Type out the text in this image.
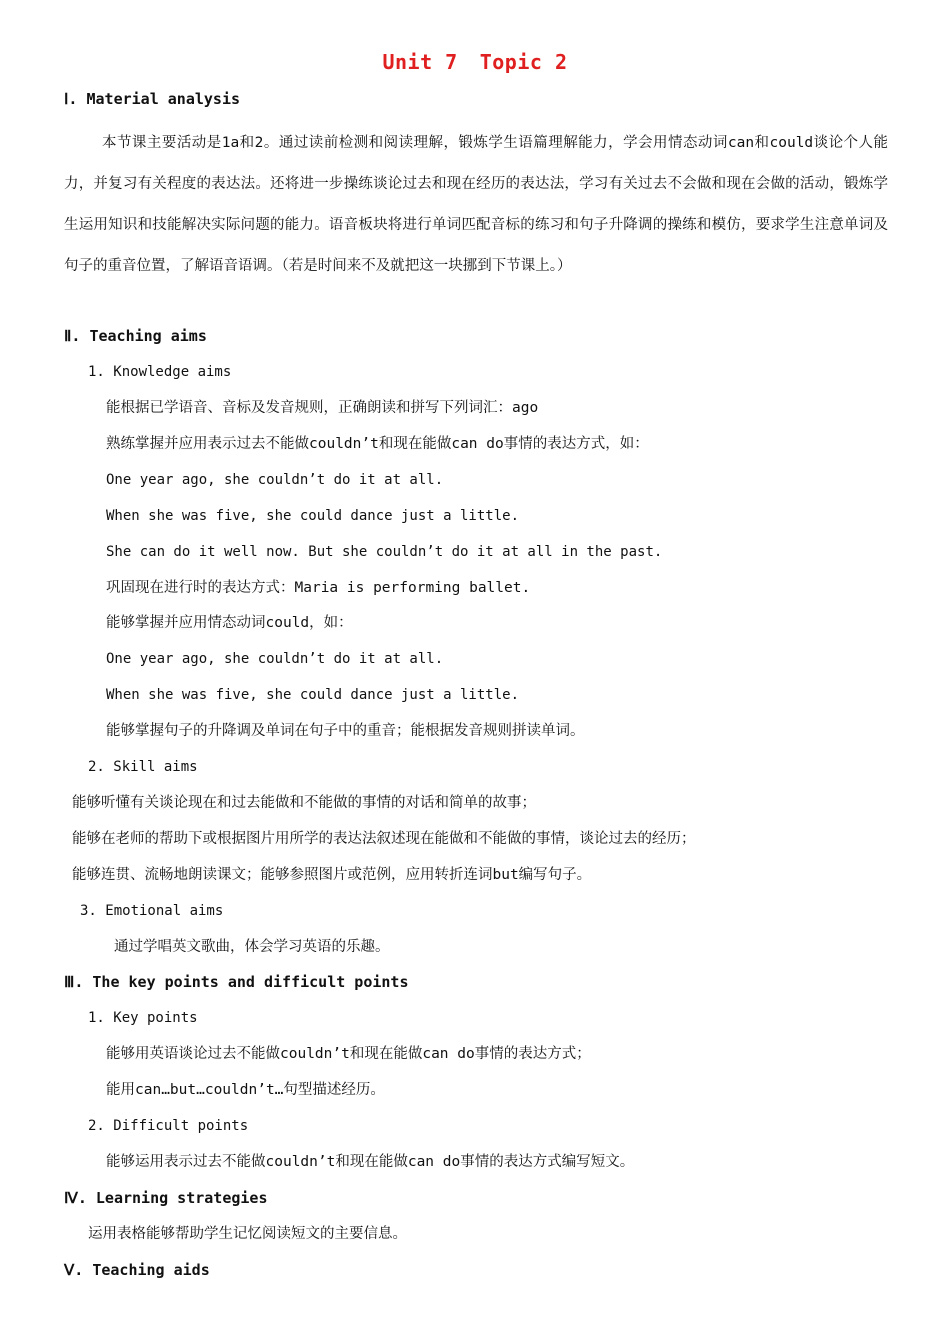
Unit 7 Topic 2
Ⅰ. Material analysis
本节课主要活动是1a和2。通过读前检测和阅读理解，锻炼学生语篇理解能力，学会用情态动词can和could谈论个人能力，并复习有关程度的表达法。还将进一步操练谈论过去和现在经历的表达法，学习有关过去不会做和现在会做的活动，锻炼学生运用知识和技能解决实际问题的能力。语音板块将进行单词匹配音标的练习和句子升降调的操练和模仿，要求学生注意单词及句子的重音位置，了解语音语调。（若是时间来不及就把这一块挪到下节课上。）
Ⅱ. Teaching aims
1. Knowledge aims
能根据已学语音、音标及发音规则，正确朗读和拼写下列词汇：ago
熟练掌握并应用表示过去不能做couldn’t和现在能做can do事情的表达方式，如：
One year ago, she couldn’t do it at all.
When she was five, she could dance just a little.
She can do it well now. But she couldn’t do it at all in the past.
巩固现在进行时的表达方式：Maria is performing ballet.
能够掌握并应用情态动词could，如：
One year ago, she couldn’t do it at all.
When she was five, she could dance just a little.
能够掌握句子的升降调及单词在句子中的重音；能根据发音规则拼读单词。
2. Skill aims
能够听懂有关谈论现在和过去能做和不能做的事情的对话和简单的故事；
能够在老师的帮助下或根据图片用所学的表达法叙述现在能做和不能做的事情，谈论过去的经历；
能够连贯、流畅地朗读课文；能够参照图片或范例，应用转折连词but编写句子。
3. Emotional aims
通过学唱英文歌曲，体会学习英语的乐趣。
Ⅲ. The key points and difficult points
1. Key points
能够用英语谈论过去不能做couldn’t和现在能做can do事情的表达方式；
能用can…but…couldn’t…句型描述经历。
2. Difficult points
能够运用表示过去不能做couldn’t和现在能做can do事情的表达方式编写短文。
Ⅳ. Learning strategies
运用表格能够帮助学生记忆阅读短文的主要信息。
Ⅴ. Teaching aids
